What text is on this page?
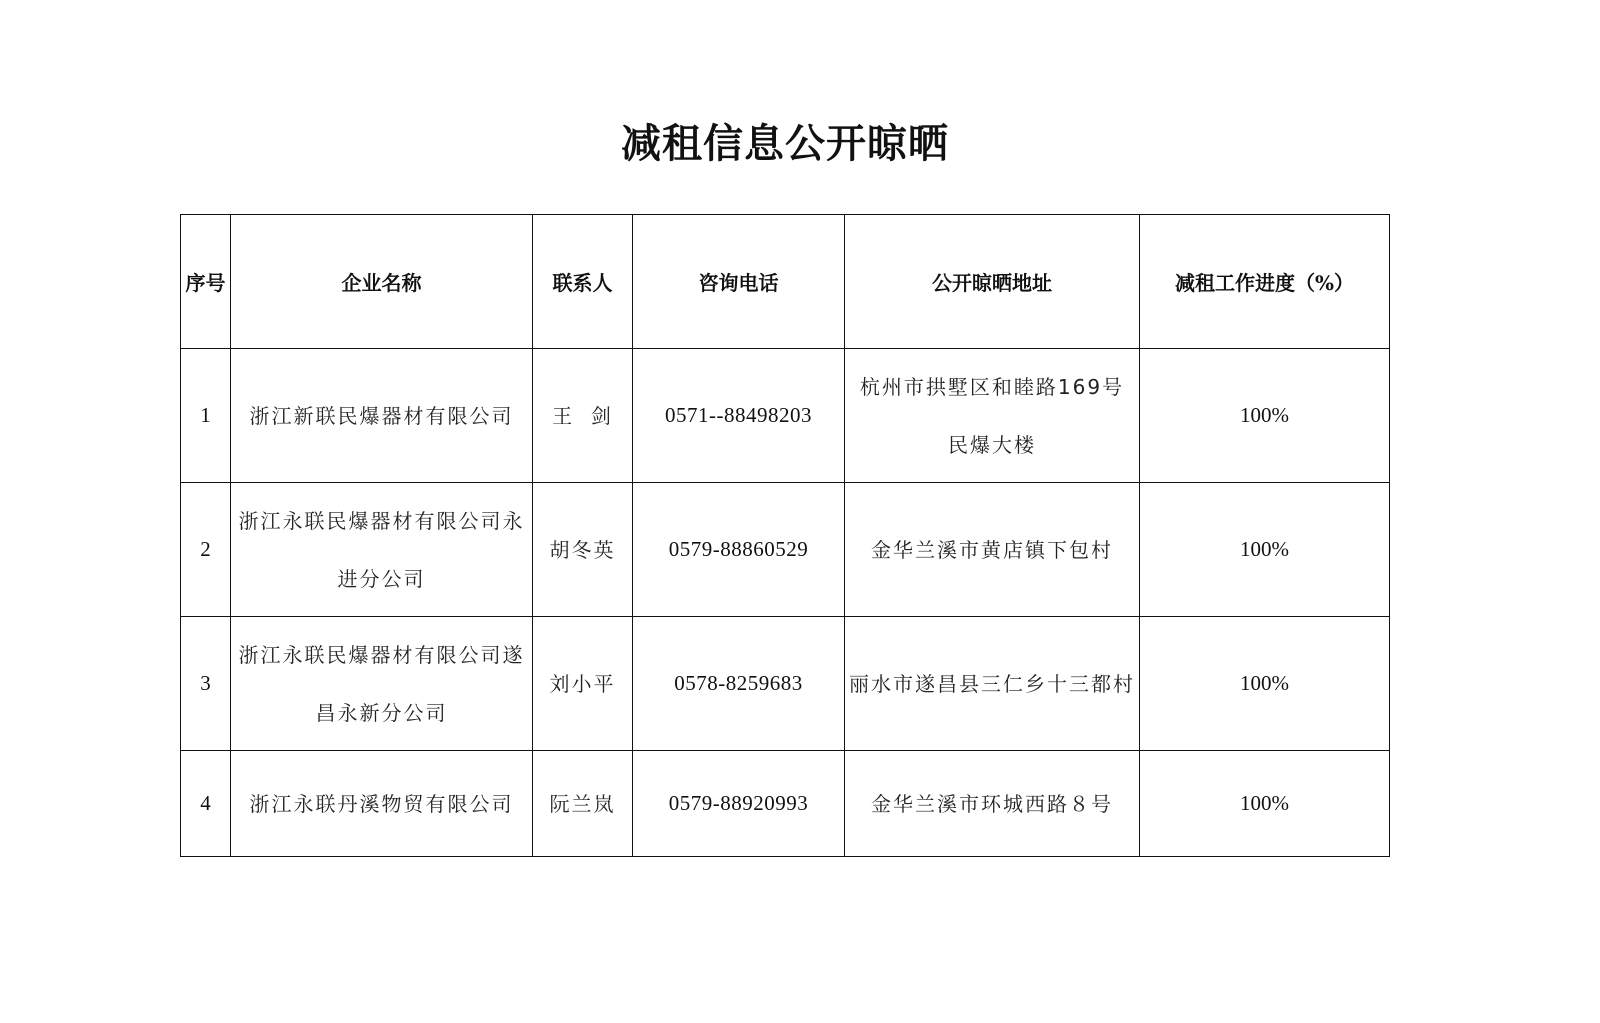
减租信息公开晾晒
序号	企业名称	联系人	咨询电话	公开晾晒地址	减租工作进度（%）
1	浙江新联民爆器材有限公司	王  剑	0571--88498203	杭州市拱墅区和睦路169号民爆大楼	100%
2	浙江永联民爆器材有限公司永进分公司	胡冬英	0579-88860529	金华兰溪市黄店镇下包村	100%
3	浙江永联民爆器材有限公司遂昌永新分公司	刘小平	0578-8259683	丽水市遂昌县三仁乡十三都村	100%
4	浙江永联丹溪物贸有限公司	阮兰岚	0579-88920993	金华兰溪市环城西路８号	100%
